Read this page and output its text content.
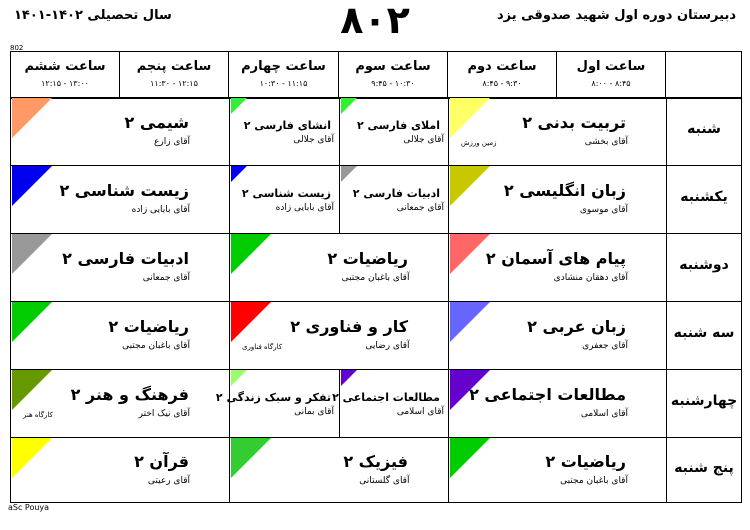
دبیرستان دوره اول شهید صدوقی یزد
۸۰۲
سال تحصیلی ۱۴۰۲-۱۴۰۱
802
ساعت اول
۸:۰۰ - ۸:۴۵
ساعت دوم
۸:۴۵ - ۹:۳۰
ساعت سوم
۹:۴۵ - ۱۰:۳۰
ساعت چهارم
۱۰:۳۰ - ۱۱:۱۵
ساعت پنجم
۱۱:۳۰ - ۱۲:۱۵
ساعت ششم
۱۲:۱۵ - ۱۳:۰۰
شنبه
تربیت بدنی ۲
آقای بخشی
زمین ورزش
املای فارسی ۲
آقای جلالی
انشای فارسی ۲
آقای جلالی
شیمی ۲
آقای زارع
یکشنبه
زبان انگلیسی ۲
آقای موسوی
ادبیات فارسی ۲
آقای جمعانی
زیست شناسی ۲
آقای بابایی زاده
زیست شناسی ۲
آقای بابایی زاده
دوشنبه
پیام های آسمان ۲
آقای دهقان منشادی
ریاضیات ۲
آقای باغبان مجتبی
ادبیات فارسی ۲
آقای جمعانی
سه شنبه
زبان عربی ۲
آقای جعفری
کار و فناوری ۲
آقای رضایی
کارگاه فناوری
ریاضیات ۲
آقای باغبان مجتبی
چهارشنبه
مطالعات اجتماعی ۲
آقای اسلامی
مطالعات اجتماعی ۲
آقای اسلامی
تفکر و سبک زندگی ۲
آقای بمانی
فرهنگ و هنر ۲
آقای نیک اختر
کارگاه هنر
پنج شنبه
ریاضیات ۲
آقای باغبان مجتبی
فیزیک ۲
آقای گلستانی
قرآن ۲
آقای رعیتی
aSc Pouya
